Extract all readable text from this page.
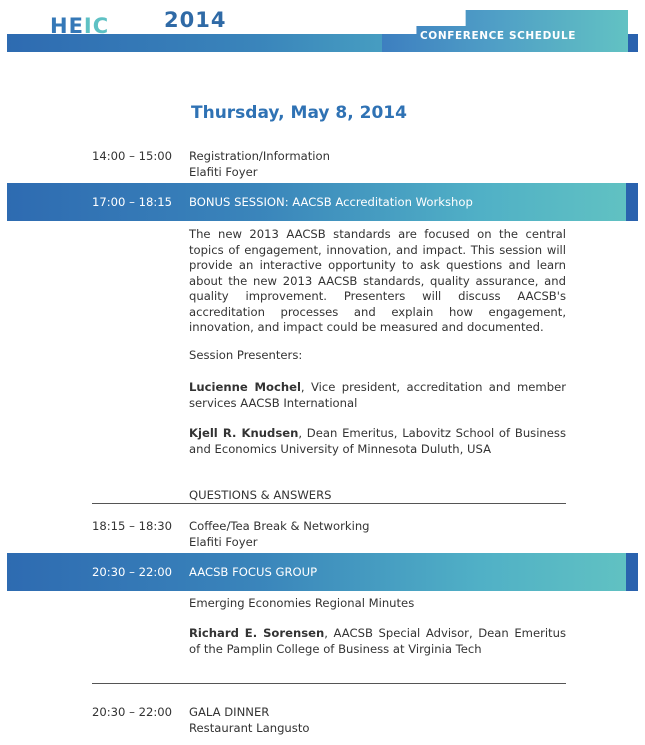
HEIC	2014
CONFERENCE SCHEDULE
Thursday, May 8, 2014
14:00 – 15:00 Registration/Information
Elafiti Foyer
17:00 – 18:15 BONUS SESSION: AACSB Accreditation Workshop
The new 2013 AACSB standards are focused on the central topics of engagement, innovation, and impact. This session will provide an interactive opportunity to ask questions and learn about the new 2013 AACSB standards, quality assurance, and quality improvement. Presenters will discuss AACSB's accreditation processes and explain how engagement, innovation, and impact could be measured and documented.
Session Presenters:
Lucienne Mochel, Vice president, accreditation and member services AACSB International
Kjell R. Knudsen, Dean Emeritus, Labovitz School of Business and Economics University of Minnesota Duluth, USA
QUESTIONS & ANSWERS
18:15 – 18:30 Coffee/Tea Break & Networking
Elafiti Foyer
20:30 – 22:00 AACSB FOCUS GROUP
Emerging Economies Regional Minutes
Richard E. Sorensen, AACSB Special Advisor, Dean Emeritus of the Pamplin College of Business at Virginia Tech
20:30 – 22:00 GALA DINNER
Restaurant Langusto
